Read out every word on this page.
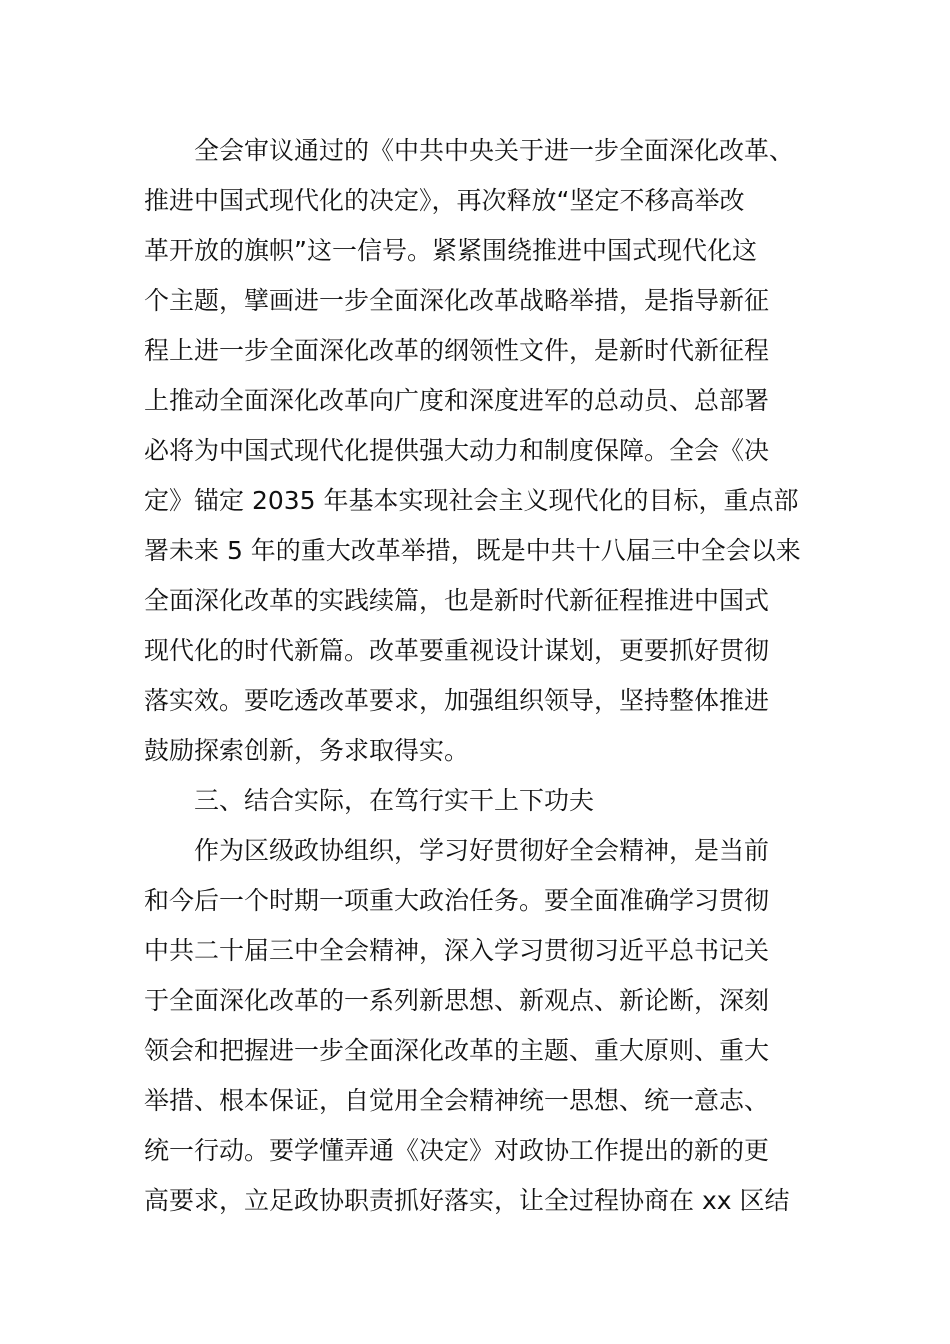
全会审议通过的《中共中央关于进一步全面深化改革、
推进中国式现代化的决定》，再次释放“坚定不移高举改
革开放的旗帜”这一信号。紧紧围绕推进中国式现代化这
个主题，擘画进一步全面深化改革战略举措，是指导新征
程上进一步全面深化改革的纲领性文件，是新时代新征程
上推动全面深化改革向广度和深度进军的总动员、总部署
必将为中国式现代化提供强大动力和制度保障。全会《决
定》锚定 2035 年基本实现社会主义现代化的目标，重点部
署未来 5 年的重大改革举措，既是中共十八届三中全会以来
全面深化改革的实践续篇，也是新时代新征程推进中国式
现代化的时代新篇。改革要重视设计谋划，更要抓好贯彻
落实效。要吃透改革要求，加强组织领导，坚持整体推进
鼓励探索创新，务求取得实。
三、结合实际，在笃行实干上下功夫
作为区级政协组织，学习好贯彻好全会精神，是当前
和今后一个时期一项重大政治任务。要全面准确学习贯彻
中共二十届三中全会精神，深入学习贯彻习近平总书记关
于全面深化改革的一系列新思想、新观点、新论断，深刻
领会和把握进一步全面深化改革的主题、重大原则、重大
举措、根本保证，自觉用全会精神统一思想、统一意志、
统一行动。要学懂弄通《决定》对政协工作提出的新的更
高要求，立足政协职责抓好落实，让全过程协商在 xx 区结
